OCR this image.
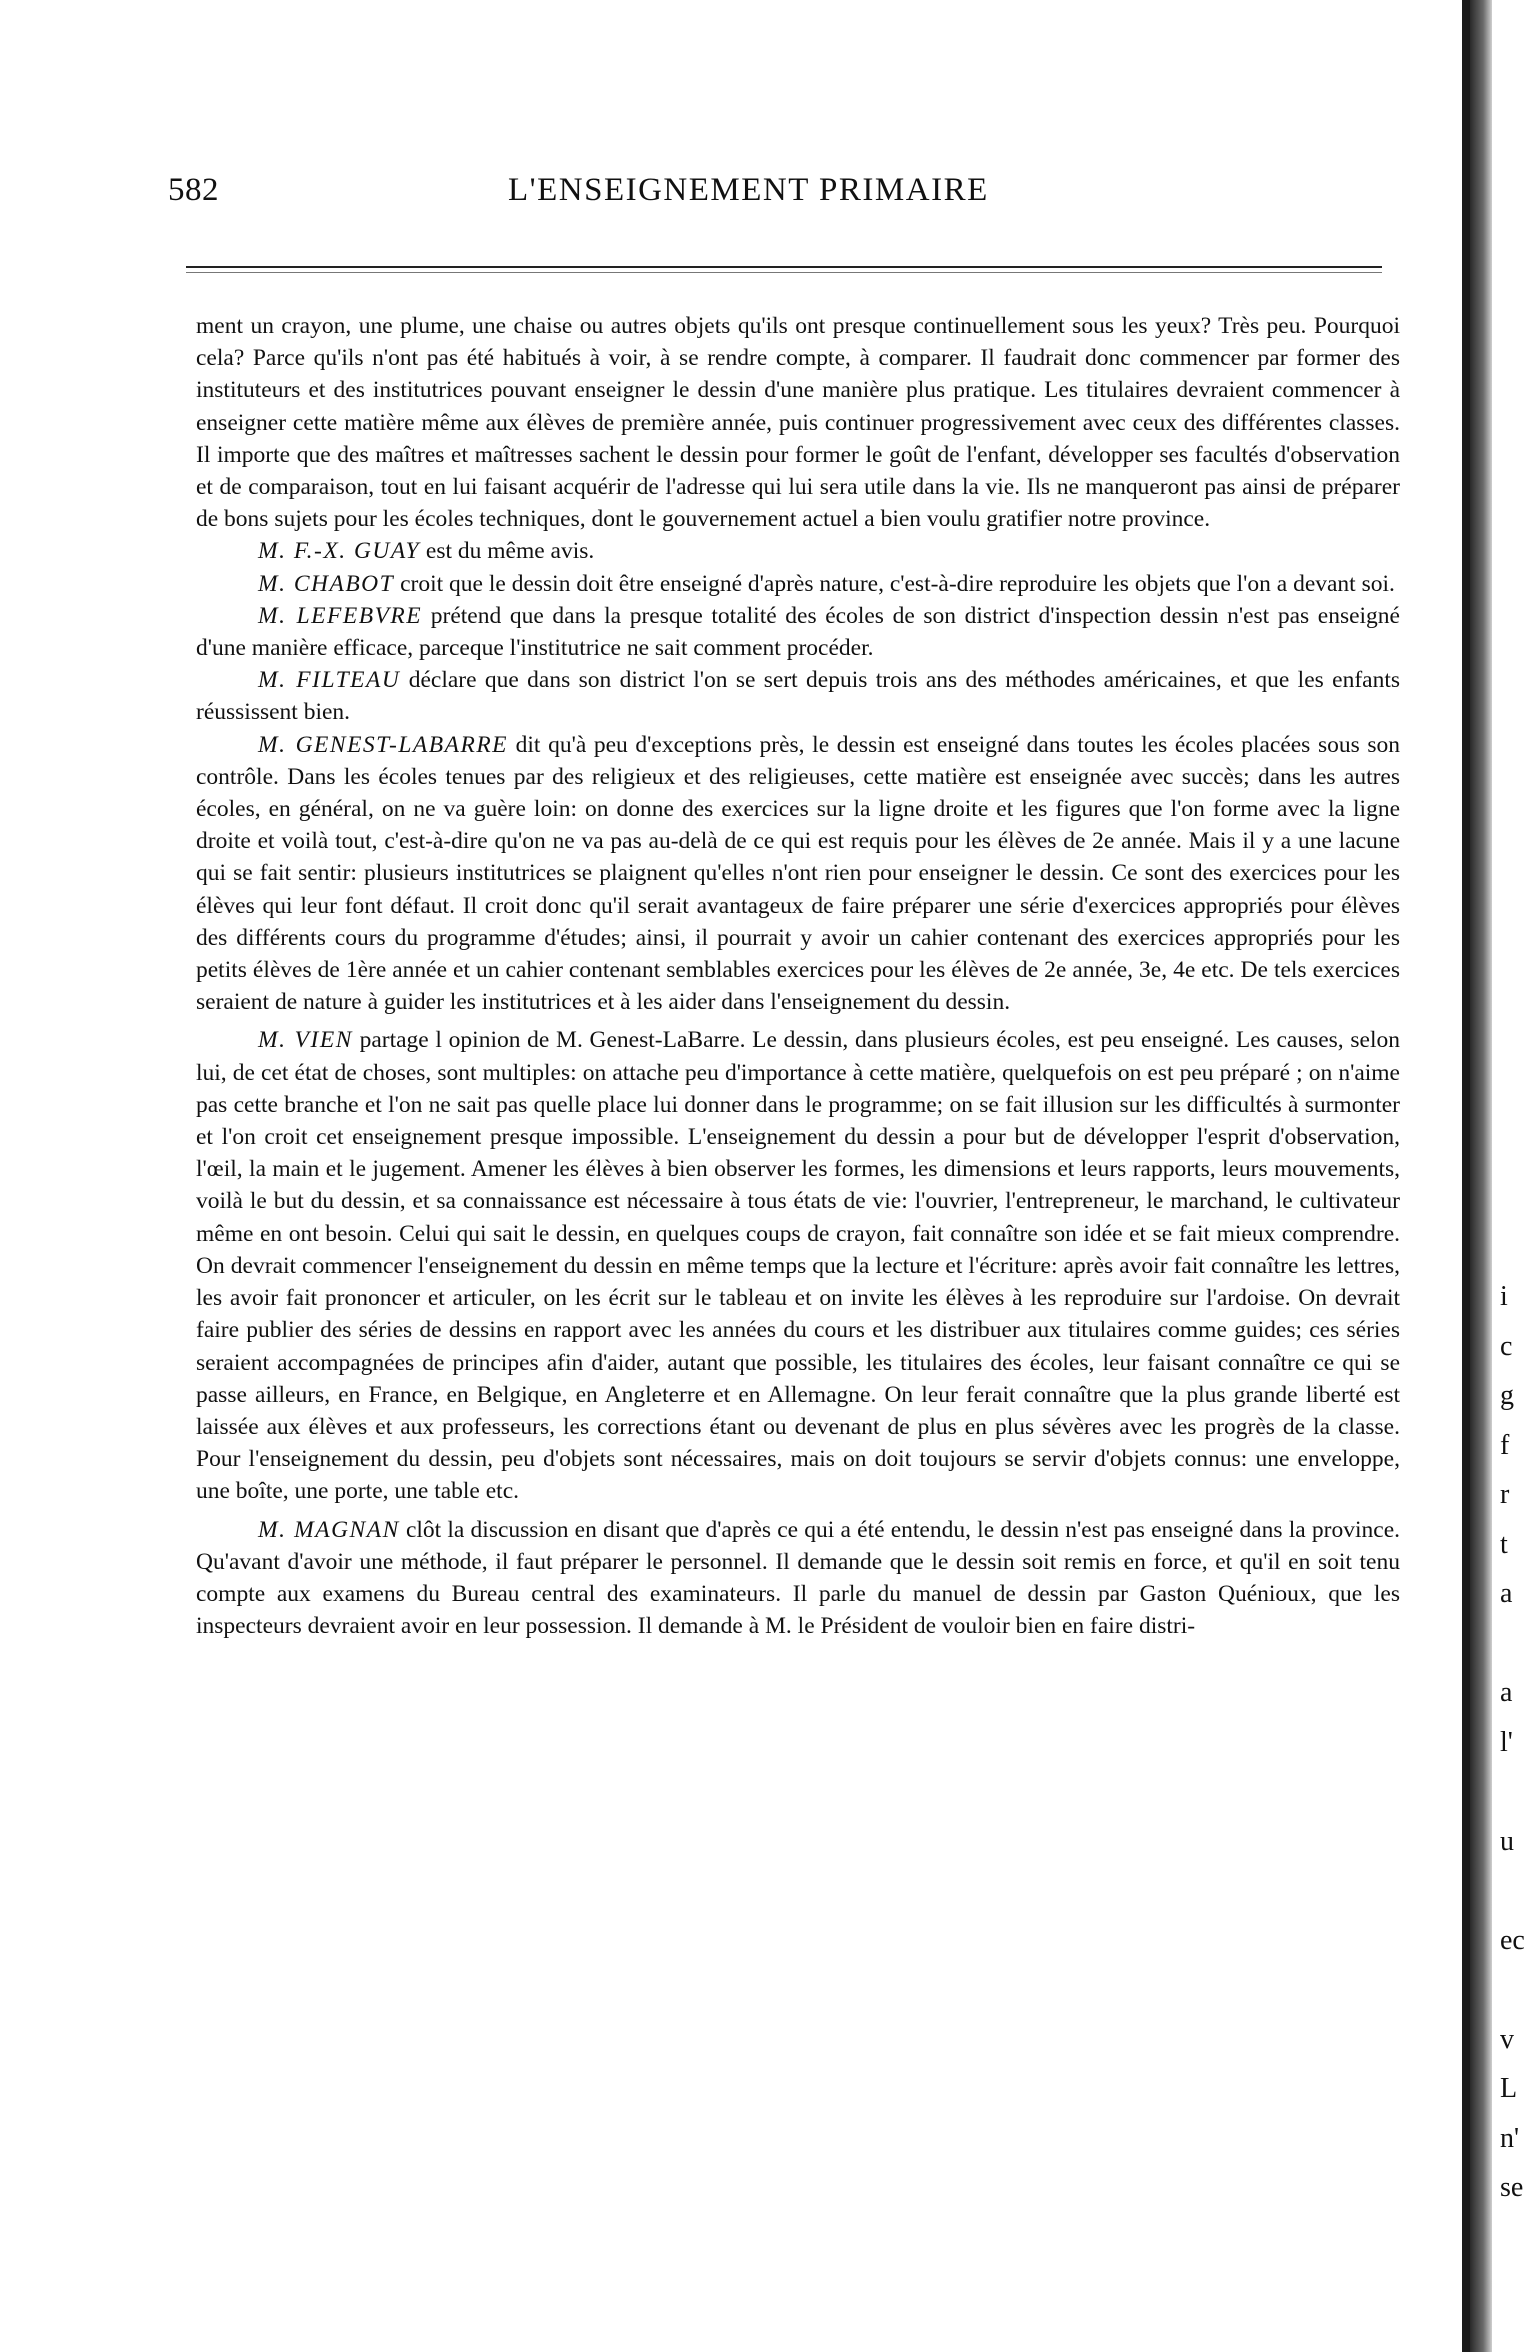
582	L'ENSEIGNEMENT PRIMAIRE

ment un crayon, une plume, une chaise ou autres objets qu'ils ont presque continuellement sous les yeux? Très peu. Pourquoi cela? Parce qu'ils n'ont pas été habitués à voir, à se rendre compte, à comparer. Il faudrait donc commencer par former des instituteurs et des institutrices pouvant enseigner le dessin d'une manière plus pratique. Les titulaires devraient commencer à enseigner cette matière même aux élèves de première année, puis continuer progressivement avec ceux des différentes classes. Il importe que des maîtres et maîtresses sachent le dessin pour former le goût de l'enfant, développer ses facultés d'observation et de comparaison, tout en lui faisant acquérir de l'adresse qui lui sera utile dans la vie. Ils ne manqueront pas ainsi de préparer de bons sujets pour les écoles techniques, dont le gouvernement actuel a bien voulu gratifier notre province.

M. F.-X. GUAY est du même avis.

M. CHABOT croit que le dessin doit être enseigné d'après nature, c'est-à-dire reproduire les objets que l'on a devant soi.

M. LEFEBVRE prétend que dans la presque totalité des écoles de son district d'inspection dessin n'est pas enseigné d'une manière efficace, parceque l'institutrice ne sait comment procéder.

M. FILTEAU déclare que dans son district l'on se sert depuis trois ans des méthodes américaines, et que les enfants réussissent bien.

M. GENEST-LABARRE dit qu'à peu d'exceptions près, le dessin est enseigné dans toutes les écoles placées sous son contrôle. Dans les écoles tenues par des religieux et des religieuses, cette matière est enseignée avec succès; dans les autres écoles, en général, on ne va guère loin: on donne des exercices sur la ligne droite et les figures que l'on forme avec la ligne droite et voilà tout, c'est-à-dire qu'on ne va pas au-delà de ce qui est requis pour les élèves de 2e année. Mais il y a une lacune qui se fait sentir: plusieurs institutrices se plaignent qu'elles n'ont rien pour enseigner le dessin. Ce sont des exercices pour les élèves qui leur font défaut. Il croit donc qu'il serait avantageux de faire préparer une série d'exercices appropriés pour élèves des différents cours du programme d'études; ainsi, il pourrait y avoir un cahier contenant des exercices appropriés pour les petits élèves de 1ère année et un cahier contenant semblables exercices pour les élèves de 2e année, 3e, 4e etc. De tels exercices seraient de nature à guider les institutrices et à les aider dans l'enseignement du dessin.

M. VIEN partage l opinion de M. Genest-LaBarre. Le dessin, dans plusieurs écoles, est peu enseigné. Les causes, selon lui, de cet état de choses, sont multiples: on attache peu d'importance à cette matière, quelquefois on est peu préparé ; on n'aime pas cette branche et l'on ne sait pas quelle place lui donner dans le programme; on se fait illusion sur les difficultés à surmonter et l'on croit cet enseignement presque impossible. L'enseignement du dessin a pour but de développer l'esprit d'observation, l'œil, la main et le jugement. Amener les élèves à bien observer les formes, les dimensions et leurs rapports, leurs mouvements, voilà le but du dessin, et sa connaissance est nécessaire à tous états de vie: l'ouvrier, l'entrepreneur, le marchand, le cultivateur même en ont besoin. Celui qui sait le dessin, en quelques coups de crayon, fait connaître son idée et se fait mieux comprendre. On devrait commencer l'enseignement du dessin en même temps que la lecture et l'écriture: après avoir fait connaître les lettres, les avoir fait prononcer et articuler, on les écrit sur le tableau et on invite les élèves à les reproduire sur l'ardoise. On devrait faire publier des séries de dessins en rapport avec les années du cours et les distribuer aux titulaires comme guides; ces séries seraient accompagnées de principes afin d'aider, autant que possible, les titulaires des écoles, leur faisant connaître ce qui se passe ailleurs, en France, en Belgique, en Angleterre et en Allemagne. On leur ferait connaître que la plus grande liberté est laissée aux élèves et aux professeurs, les corrections étant ou devenant de plus en plus sévères avec les progrès de la classe. Pour l'enseignement du dessin, peu d'objets sont nécessaires, mais on doit toujours se servir d'objets connus: une enveloppe, une boîte, une porte, une table etc.

M. MAGNAN clôt la discussion en disant que d'après ce qui a été entendu, le dessin n'est pas enseigné dans la province. Qu'avant d'avoir une méthode, il faut préparer le personnel. Il demande que le dessin soit remis en force, et qu'il en soit tenu compte aux examens du Bureau central des examinateurs. Il parle du manuel de dessin par Gaston Quénioux, que les inspecteurs devraient avoir en leur possession. Il demande à M. le Président de vouloir bien en faire distri-

i
c
g
f
r
t
a
a
l'
u
ec
v
L
n'
se
